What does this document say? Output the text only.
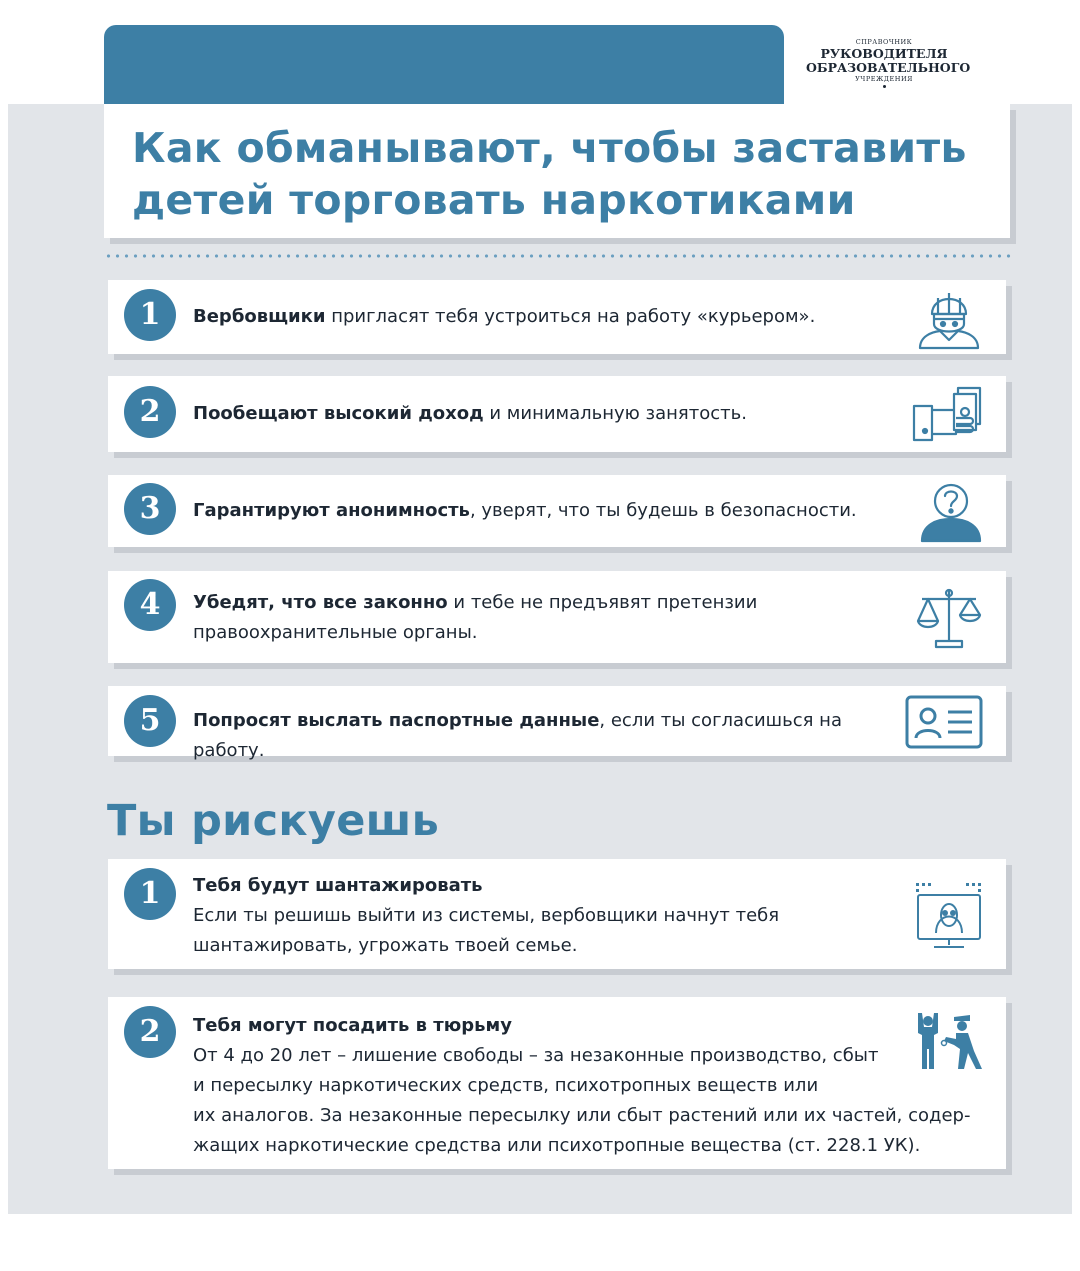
СПРАВОЧНИК
РУКОВОДИТЕЛЯ
ОБРАЗОВАТЕЛЬНОГО
УЧРЕЖДЕНИЯ
Как обманывают, чтобы заставить
детей торговать наркотиками
1	Вербовщики пригласят тебя устроиться на работу «курьером».
2	Пообещают высокий доход и минимальную занятость.
3	Гарантируют анонимность, уверят, что ты будешь в безопасности.
4	Убедят, что все законно и тебе не предъявят претензии правоохранительные органы.
5	Попросят выслать паспортные данные, если ты согласишься на работу.
Ты рискуешь
1	Тебя будут шантажировать
Если ты решишь выйти из системы, вербовщики начнут тебя
шантажировать, угрожать твоей семье.
2	Тебя могут посадить в тюрьму
От 4 до 20 лет – лишение свободы – за незаконные производство, сбыт
и пересылку наркотических средств, психотропных веществ или
их аналогов. За незаконные пересылку или сбыт растений или их частей, содер-
жащих наркотические средства или психотропные вещества (ст. 228.1 УК).
